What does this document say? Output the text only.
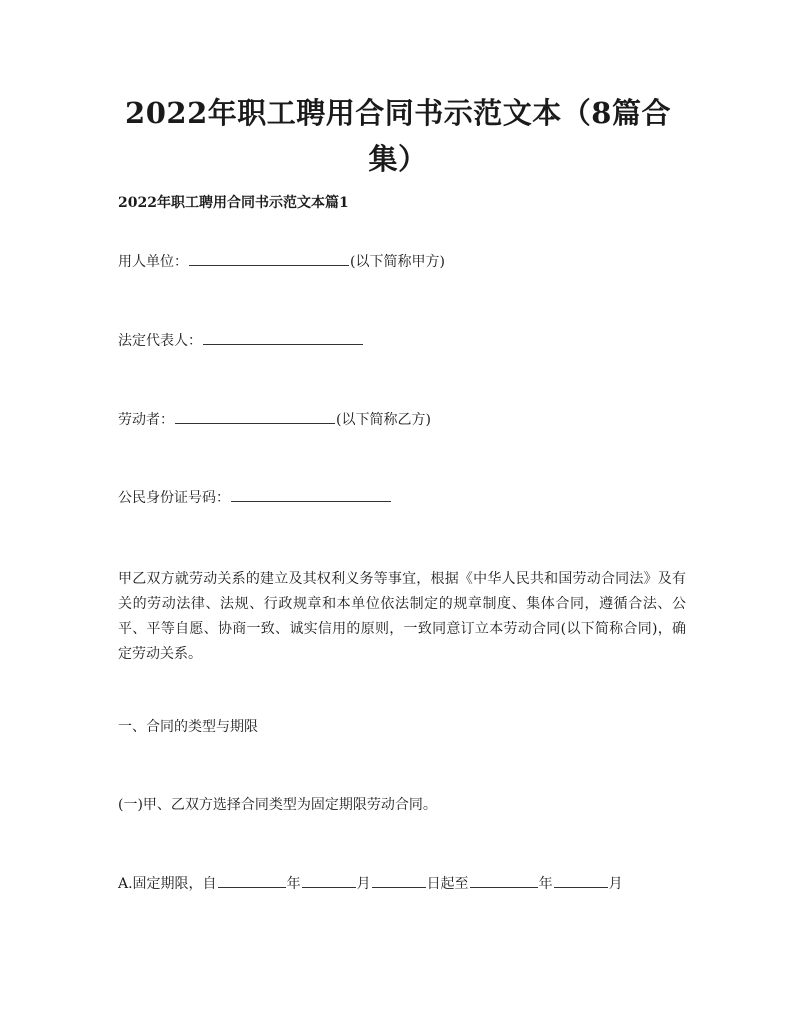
2022年职工聘用合同书示范文本（8篇合
集）
2022年职工聘用合同书示范文本篇1

用人单位：	(以下简称甲方)

法定代表人：

劳动者：	(以下简称乙方)

公民身份证号码：

甲乙双方就劳动关系的建立及其权利义务等事宜，根据《中华人民共和国劳动合同法》及有关的劳动法律、法规、行政规章和本单位依法制定的规章制度、集体合同，遵循合法、公平、平等自愿、协商一致、诚实信用的原则，一致同意订立本劳动合同(以下简称合同)，确定劳动关系。

一、合同的类型与期限

(一)甲、乙双方选择合同类型为固定期限劳动合同。

A.固定期限，自	年	月	日起至	年	月
